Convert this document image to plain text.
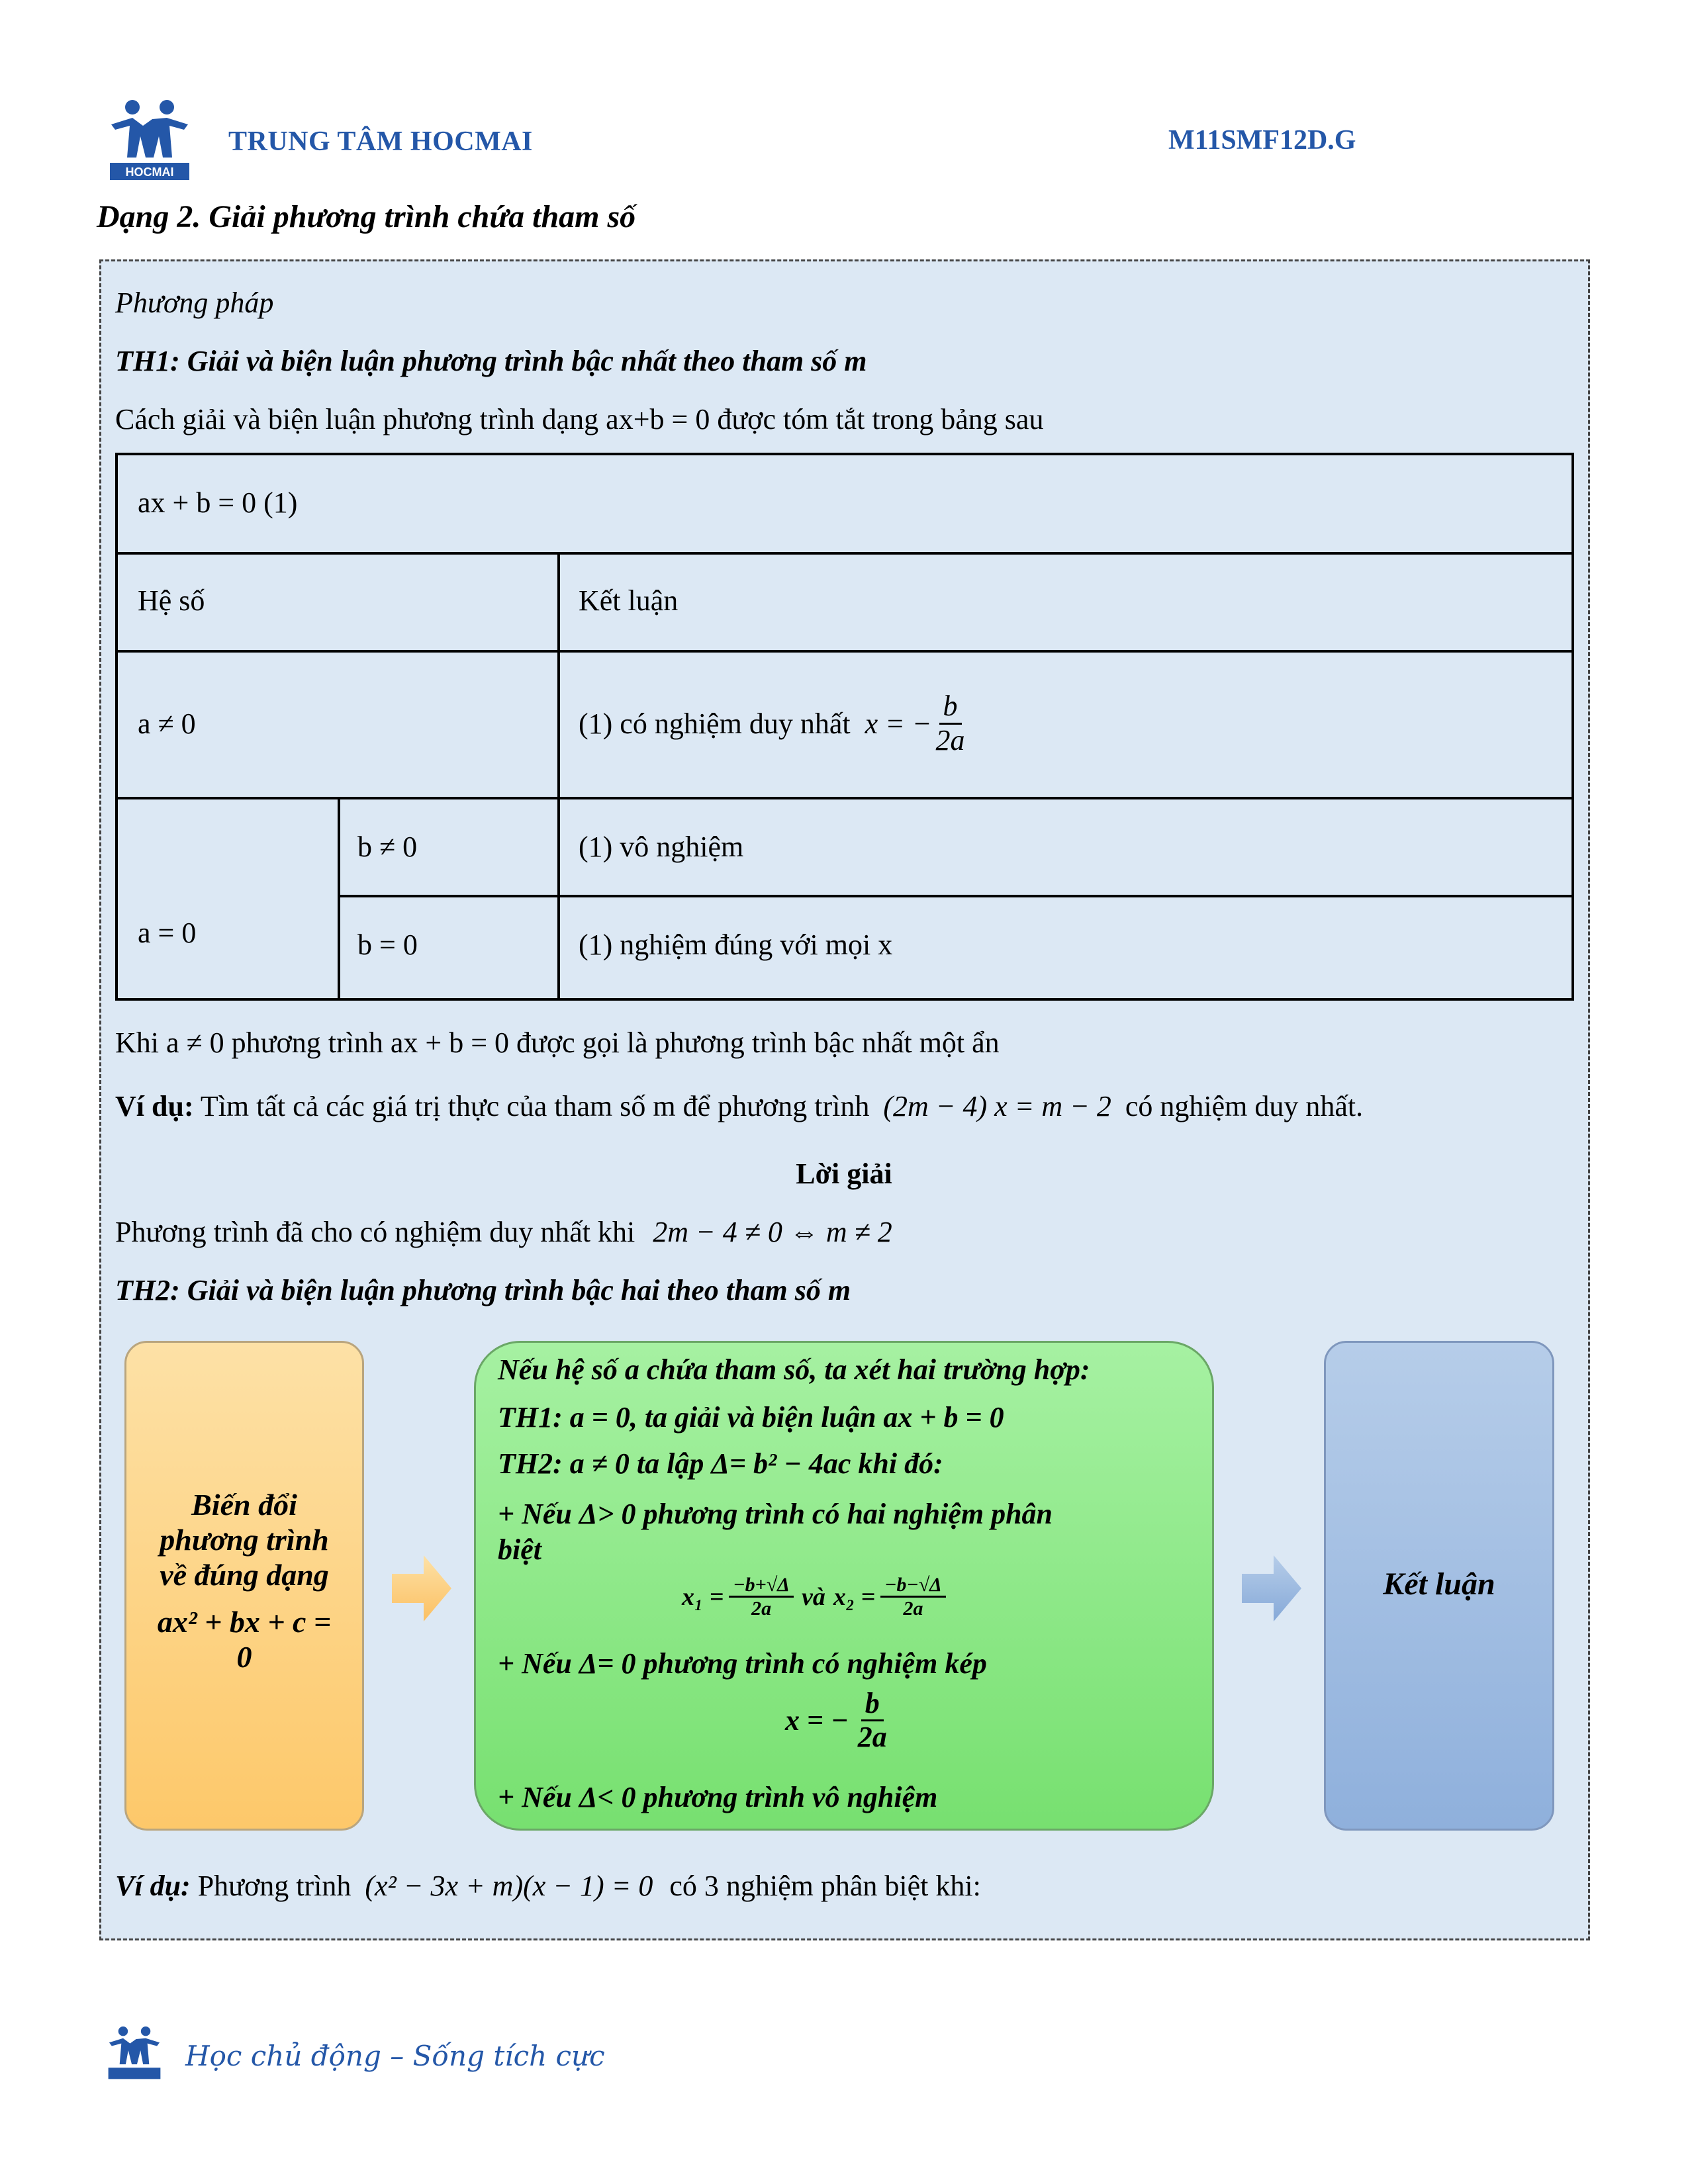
HOCMAI
TRUNG TÂM HOCMAI	M11SMF12D.G
Dạng 2. Giải phương trình chứa tham số
Phương pháp
TH1: Giải và biện luận phương trình bậc nhất theo tham số m
Cách giải và biện luận phương trình dạng ax+b = 0 được tóm tắt trong bảng sau
ax + b = 0 (1)
Hệ số	Kết luận
a ≠ 0	(1) có nghiệm duy nhất x = − $\frac{b}{2a}$
a = 0
b ≠ 0	(1) vô nghiệm
b = 0	(1) nghiệm đúng với mọi x
Khi a ≠ 0 phương trình ax + b = 0 được gọi là phương trình bậc nhất một ẩn
Ví dụ: Tìm tất cả các giá trị thực của tham số m để phương trình (2m − 4) x = m − 2 có nghiệm duy nhất.
Lời giải
Phương trình đã cho có nghiệm duy nhất khi 2m − 4 ≠ 0 ⇔ m ≠ 2
TH2: Giải và biện luận phương trình bậc hai theo tham số m
Biến đổi
phương trình
về đúng dạng
ax² + bx + c =
0
Nếu hệ số a chứa tham số, ta xét hai trường hợp:
TH1: a = 0, ta giải và biện luận ax + b = 0
TH2: a ≠ 0 ta lập Δ= b² − 4ac khi đó:
+ Nếu Δ> 0 phương trình có hai nghiệm phân
biệt
$x_1 = \frac{-b+√\Delta}{2a}$ và $x_2 = \frac{-b-√\Delta}{2a}$
+ Nếu Δ= 0 phương trình có nghiệm kép
x = − $\frac{b}{2a}$
+ Nếu Δ< 0 phương trình vô nghiệm
Kết luận
Ví dụ: Phương trình (x² − 3x + m)(x − 1) = 0 có 3 nghiệm phân biệt khi:
Học chủ động – Sống tích cực
